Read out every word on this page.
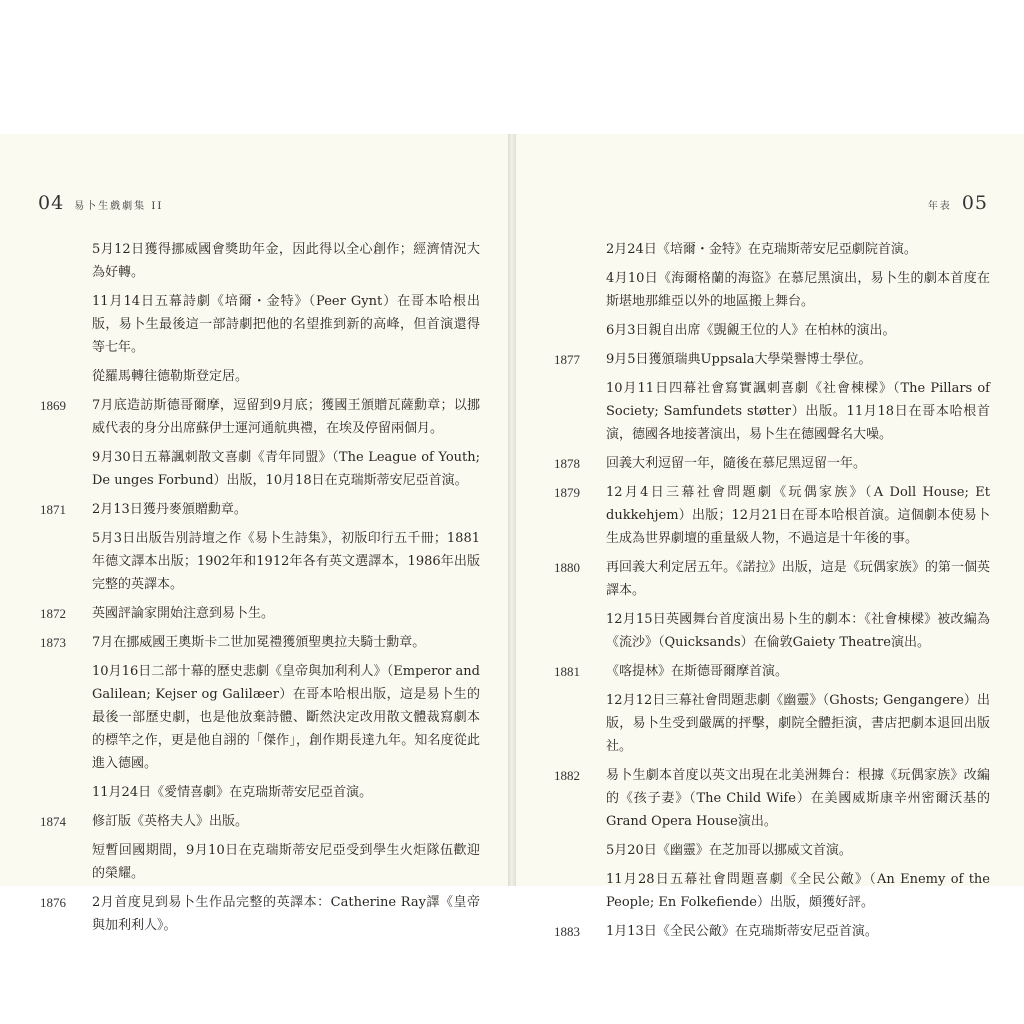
04 易卜生戲劇集 II
5月12日獲得挪威國會獎助年金，因此得以全心創作；經濟情況大為好轉。
11月14日五幕詩劇《培爾・金特》（Peer Gynt）在哥本哈根出版，易卜生最後這一部詩劇把他的名望推到新的高峰，但首演還得等七年。
從羅馬轉往德勒斯登定居。
1869	7月底造訪斯德哥爾摩，逗留到9月底；獲國王頒贈瓦薩勳章；以挪威代表的身分出席蘇伊士運河通航典禮，在埃及停留兩個月。
9月30日五幕諷刺散文喜劇《青年同盟》（The League of Youth; De unges Forbund）出版，10月18日在克瑞斯蒂安尼亞首演。
1871	2月13日獲丹麥頒贈勳章。
5月3日出版告別詩壇之作《易卜生詩集》，初版印行五千冊；1881年德文譯本出版；1902年和1912年各有英文選譯本，1986年出版完整的英譯本。
1872	英國評論家開始注意到易卜生。
1873	7月在挪威國王奧斯卡二世加冕禮獲頒聖奧拉夫騎士勳章。
10月16日二部十幕的歷史悲劇《皇帝與加利利人》（Emperor and Galilean; Kejser og Galilæer）在哥本哈根出版，這是易卜生的最後一部歷史劇，也是他放棄詩體、斷然決定改用散文體裁寫劇本的標竿之作，更是他自詡的「傑作」，創作期長達九年。知名度從此進入德國。
11月24日《愛情喜劇》在克瑞斯蒂安尼亞首演。
1874	修訂版《英格夫人》出版。
短暫回國期間，9月10日在克瑞斯蒂安尼亞受到學生火炬隊伍歡迎的榮耀。
1876	2月首度見到易卜生作品完整的英譯本：Catherine Ray譯《皇帝與加利利人》。
年表 05
2月24日《培爾・金特》在克瑞斯蒂安尼亞劇院首演。
4月10日《海爾格蘭的海盜》在慕尼黑演出，易卜生的劇本首度在斯堪地那維亞以外的地區搬上舞台。
6月3日親自出席《覬覦王位的人》在柏林的演出。
1877	9月5日獲頒瑞典Uppsala大學榮譽博士學位。
10月11日四幕社會寫實諷刺喜劇《社會棟樑》（The Pillars of Society; Samfundets støtter）出版。11月18日在哥本哈根首演，德國各地接著演出，易卜生在德國聲名大噪。
1878	回義大利逗留一年，隨後在慕尼黑逗留一年。
1879	12月4日三幕社會問題劇《玩偶家族》（A Doll House; Et dukkehjem）出版；12月21日在哥本哈根首演。這個劇本使易卜生成為世界劇壇的重量級人物，不過這是十年後的事。
1880	再回義大利定居五年。《諾拉》出版，這是《玩偶家族》的第一個英譯本。
12月15日英國舞台首度演出易卜生的劇本：《社會棟樑》被改編為《流沙》（Quicksands）在倫敦Gaiety Theatre演出。
1881	《喀提林》在斯德哥爾摩首演。
12月12日三幕社會問題悲劇《幽靈》（Ghosts; Gengangere）出版，易卜生受到嚴厲的抨擊，劇院全體拒演，書店把劇本退回出版社。
1882	易卜生劇本首度以英文出現在北美洲舞台：根據《玩偶家族》改編的《孩子妻》（The Child Wife）在美國威斯康辛州密爾沃基的Grand Opera House演出。
5月20日《幽靈》在芝加哥以挪威文首演。
11月28日五幕社會問題喜劇《全民公敵》（An Enemy of the People; En Folkefiende）出版，頗獲好評。
1883	1月13日《全民公敵》在克瑞斯蒂安尼亞首演。
